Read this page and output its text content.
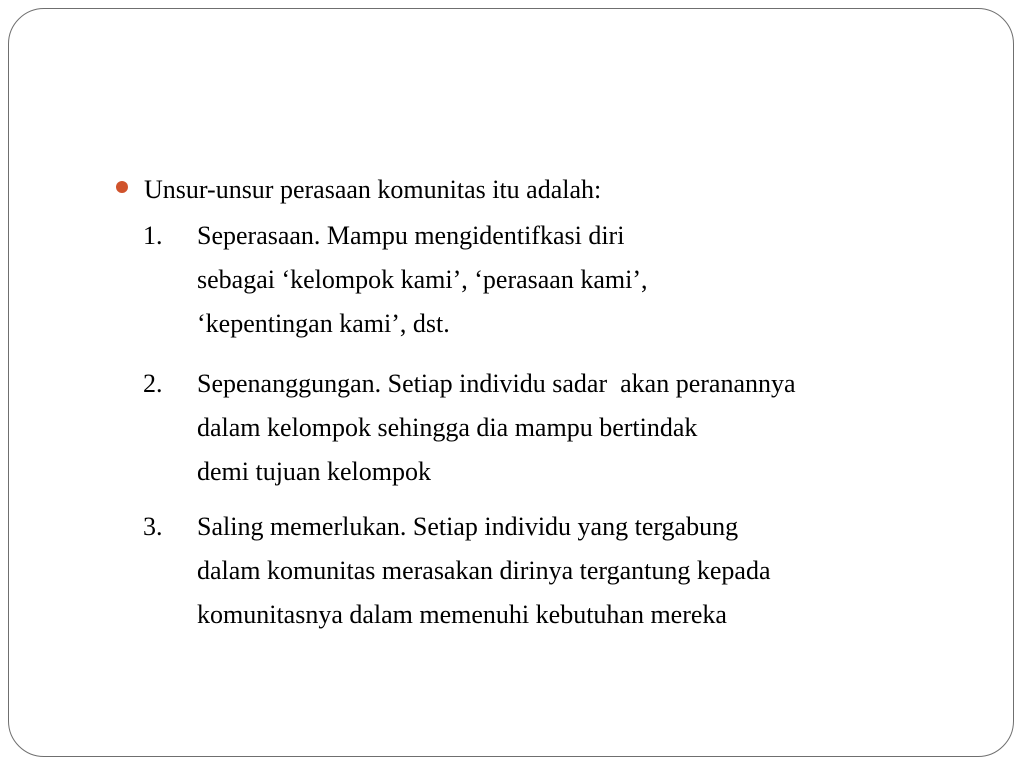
Unsur-unsur perasaan komunitas itu adalah:
1. Seperasaan. Mampu mengidentifkasi diri
sebagai ‘kelompok kami’, ‘perasaan kami’,
‘kepentingan kami’, dst.
2. Sepenanggungan. Setiap individu sadar  akan peranannya
dalam kelompok sehingga dia mampu bertindak
demi tujuan kelompok
3. Saling memerlukan. Setiap individu yang tergabung
dalam komunitas merasakan dirinya tergantung kepada
komunitasnya dalam memenuhi kebutuhan mereka
